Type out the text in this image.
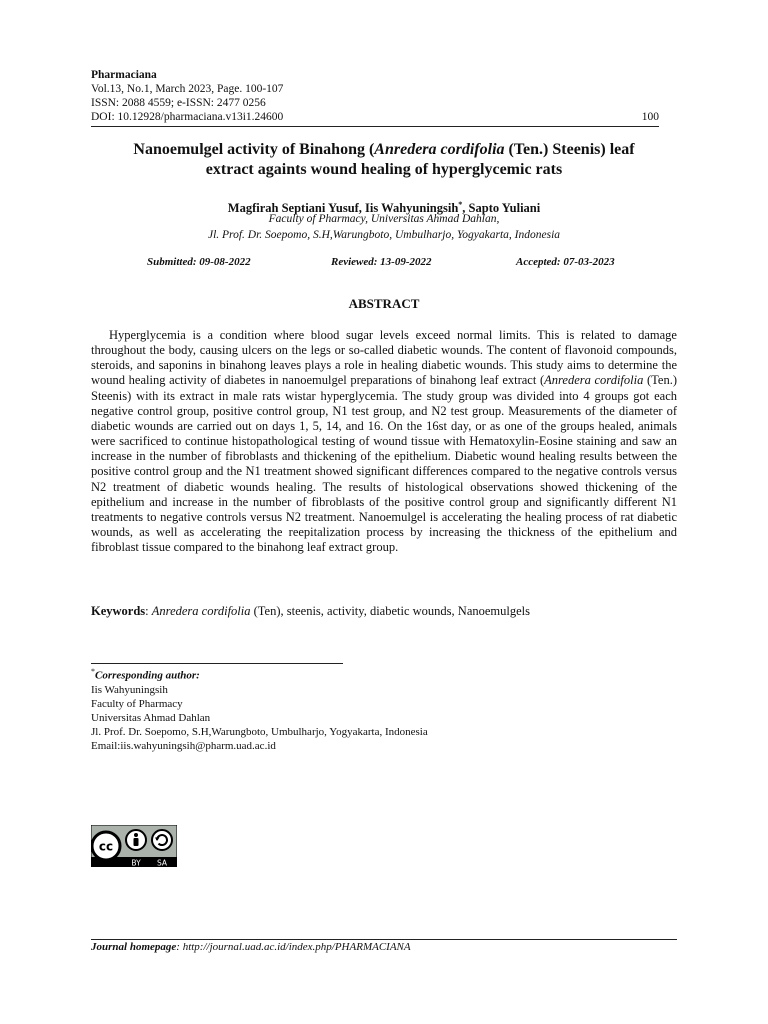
Pharmaciana
Vol.13, No.1, March 2023, Page. 100-107
ISSN: 2088 4559; e-ISSN: 2477 0256
DOI: 10.12928/pharmaciana.v13i1.24600	100
Nanoemulgel activity of Binahong (Anredera cordifolia (Ten.) Steenis) leaf
extract againts wound healing of hyperglycemic rats
Magfirah Septiani Yusuf, Iis Wahyuningsih*, Sapto Yuliani
Faculty of Pharmacy, Universitas Ahmad Dahlan,
Jl. Prof. Dr. Soepomo, S.H,Warungboto, Umbulharjo, Yogyakarta, Indonesia
Submitted: 09-08-2022	Reviewed: 13-09-2022	Accepted: 07-03-2023
ABSTRACT

Hyperglycemia is a condition where blood sugar levels exceed normal limits. This is related to damage throughout the body, causing ulcers on the legs or so-called diabetic wounds. The content of flavonoid compounds, steroids, and saponins in binahong leaves plays a role in healing diabetic wounds. This study aims to determine the wound healing activity of diabetes in nanoemulgel preparations of binahong leaf extract (Anredera cordifolia (Ten.) Steenis) with its extract in male rats wistar hyperglycemia. The study group was divided into 4 groups got each negative control group, positive control group, N1 test group, and N2 test group. Measurements of the diameter of diabetic wounds are carried out on days 1, 5, 14, and 16. On the 16st day, or as one of the groups healed, animals were sacrificed to continue histopathological testing of wound tissue with Hematoxylin-Eosine staining and saw an increase in the number of fibroblasts and thickening of the epithelium. Diabetic wound healing results between the positive control group and the N1 treatment showed significant differences compared to the negative controls versus N2 treatment of diabetic wounds healing. The results of histological observations showed thickening of the epithelium and increase in the number of fibroblasts of the positive control group and significantly different N1 treatments to negative controls versus N2 treatment. Nanoemulgel is accelerating the healing process of rat diabetic wounds, as well as accelerating the reepitalization process by increasing the thickness of the epithelium and fibroblast tissue compared to the binahong leaf extract group.

Keywords: Anredera cordifolia (Ten), steenis, activity, diabetic wounds, Nanoemulgels
*Corresponding author:
Iis Wahyuningsih
Faculty of Pharmacy
Universitas Ahmad Dahlan
Jl. Prof. Dr. Soepomo, S.H,Warungboto, Umbulharjo, Yogyakarta, Indonesia
Email:iis.wahyuningsih@pharm.uad.ac.id
cc
BY SA
Journal homepage: http://journal.uad.ac.id/index.php/PHARMACIANA
